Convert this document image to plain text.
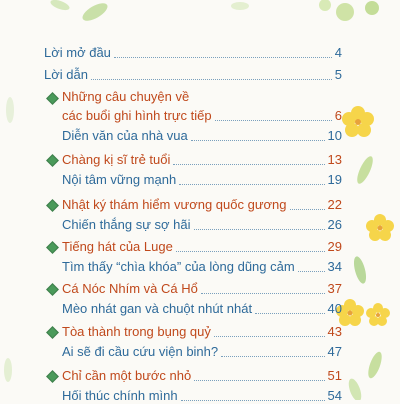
Lời mở đầu	4
Lời dẫn	5
Những câu chuyện về
các buổi ghi hình trực tiếp	6
Diễn văn của nhà vua	10
Chàng kị sĩ trẻ tuổi	13
Nội tâm vững mạnh	19
Nhật ký thám hiểm vương quốc gương	22
Chiến thắng sự sợ hãi	26
Tiếng hát của Luge	29
Tìm thấy “chìa khóa” của lòng dũng cảm	34
Cá Nóc Nhím và Cá Hổ	37
Mèo nhát gan và chuột nhút nhát	40
Tòa thành trong bụng quỷ	43
Ai sẽ đi cầu cứu viện binh?	47
Chỉ cần một bước nhỏ	51
Hối thúc chính mình	54
